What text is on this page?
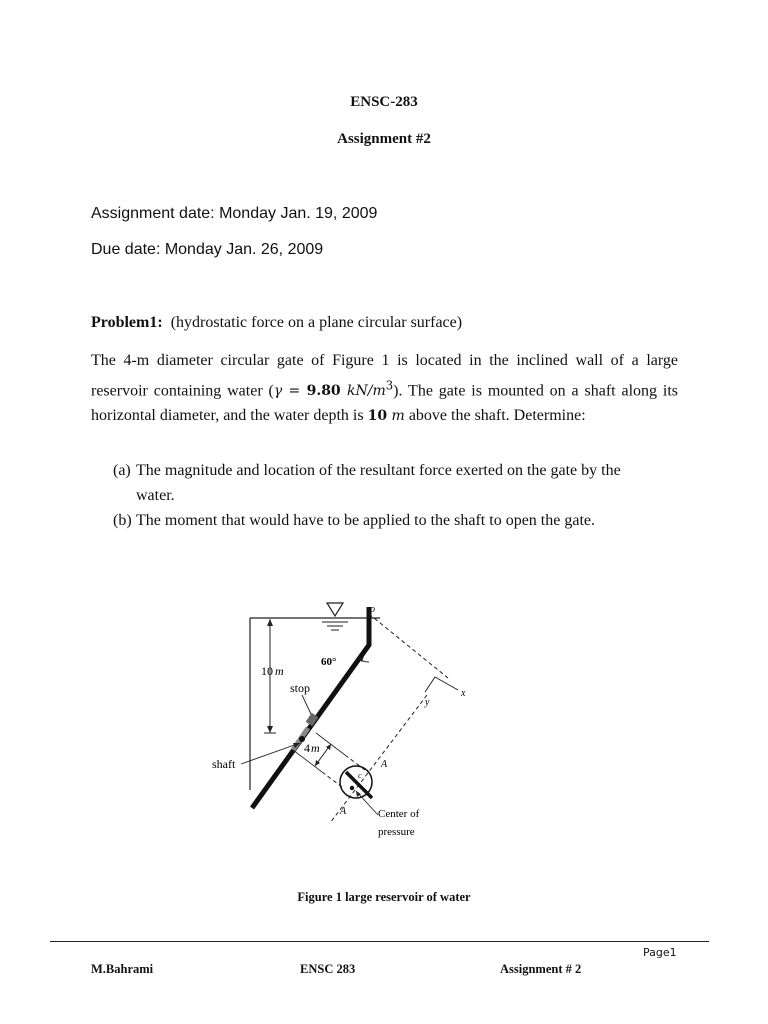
ENSC-283
Assignment #2
Assignment date: Monday Jan. 19, 2009
Due date: Monday Jan. 26, 2009
Problem1: (hydrostatic force on a plane circular surface)
The 4-m diameter circular gate of Figure 1 is located in the inclined wall of a large reservoir containing water (γ = 9.80 $kN/m^3$). The gate is mounted on a shaft along its horizontal diameter, and the water depth is 10 m above the shaft. Determine:
(a) The magnitude and location of the resultant force exerted on the gate by the
water.
(b) The moment that would have to be applied to the shaft to open the gate.
10 m
60°
o
stop
shaft
4m
x
y
c
A
A	Center of
pressure
Figure 1 large reservoir of water
Page1
M.Bahrami	ENSC 283	Assignment # 2
